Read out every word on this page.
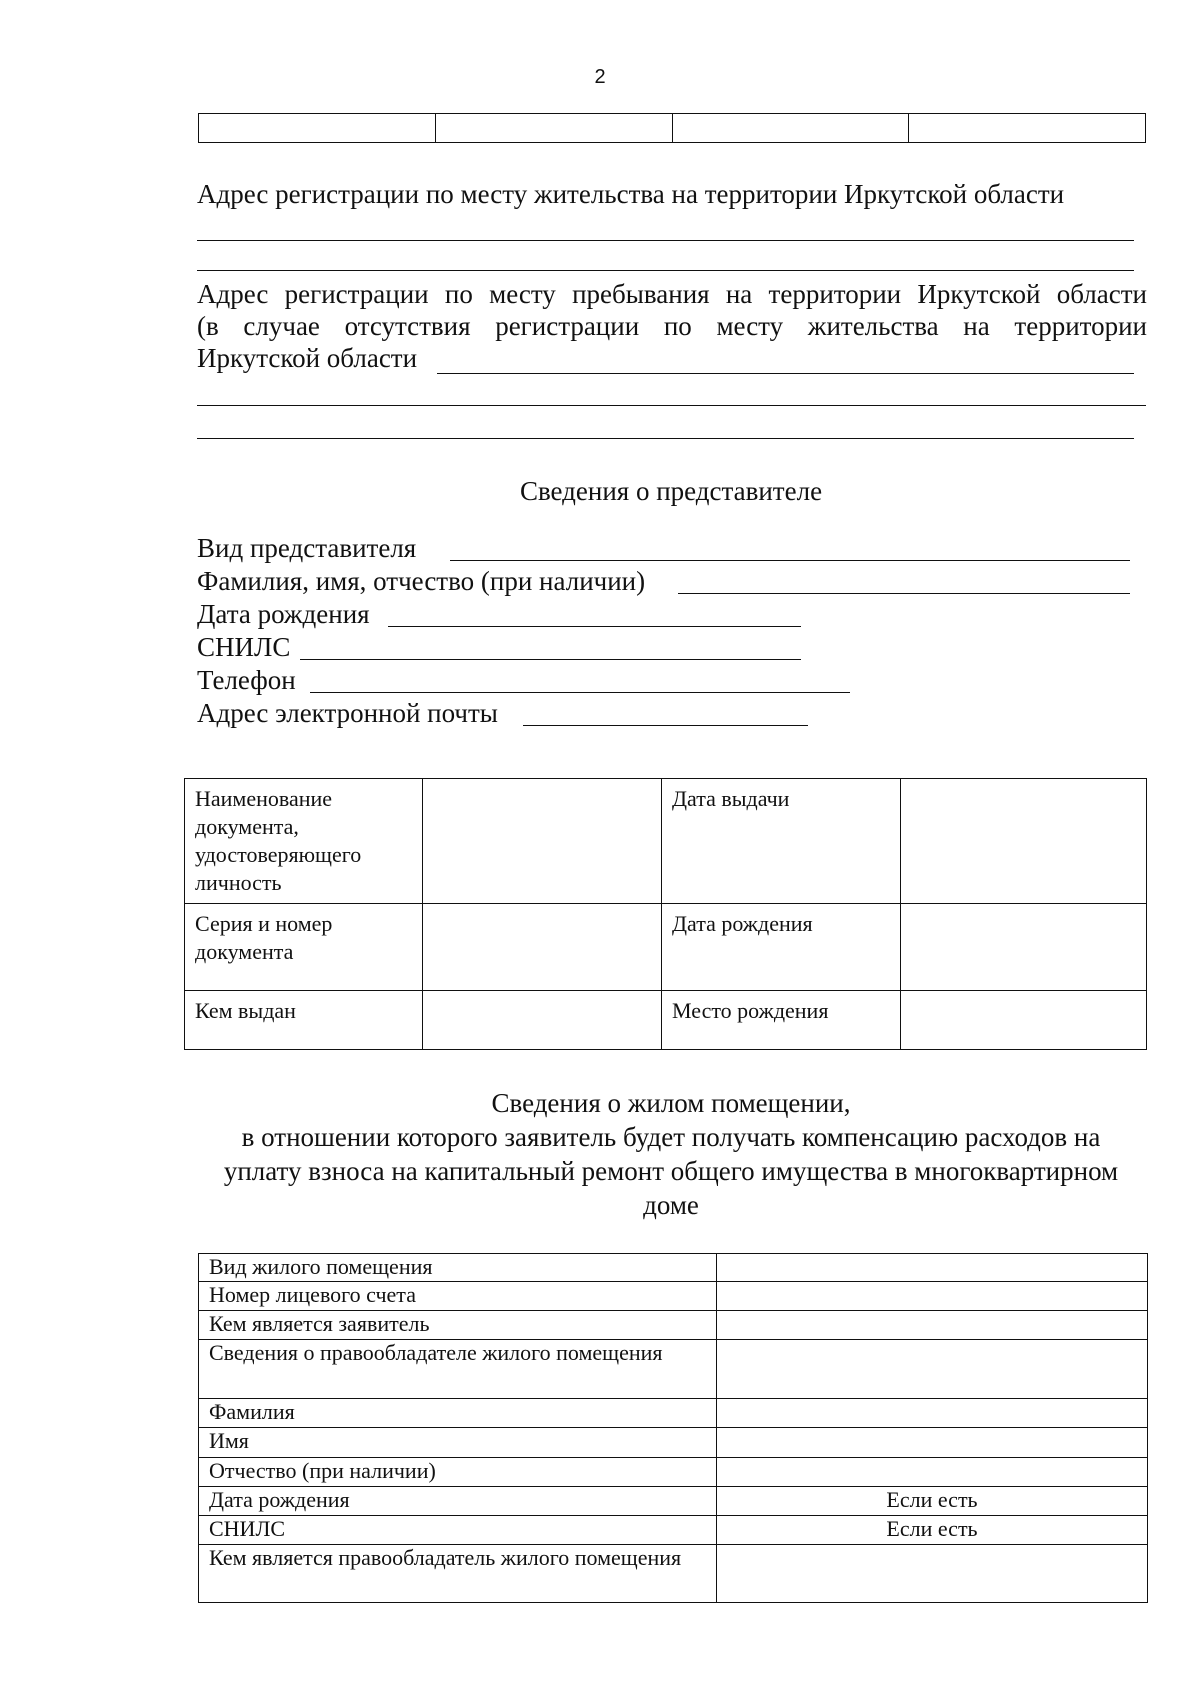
2

Адрес регистрации по месту жительства на территории Иркутской области
Адрес регистрации по месту пребывания на территории Иркутской области
(в случае отсутствия регистрации по месту жительства на территории
Иркутской области
Сведения о представителе
Вид представителя
Фамилия, имя, отчество (при наличии)
Дата рождения
СНИЛС
Телефон
Адрес электронной почты
Наименование документа, удостоверяющего личность		Дата выдачи	
Серия и номер документа		Дата рождения	
Кем выдан		Место рождения	
Сведения о жилом помещении,
в отношении которого заявитель будет получать компенсацию расходов на
уплату взноса на капитальный ремонт общего имущества в многоквартирном
доме
Вид жилого помещения	
Номер лицевого счета	
Кем является заявитель	
Сведения о правообладателе жилого помещения	
Фамилия	
Имя	
Отчество (при наличии)	
Дата рождения	Если есть
СНИЛС	Если есть
Кем является правообладатель жилого помещения	
